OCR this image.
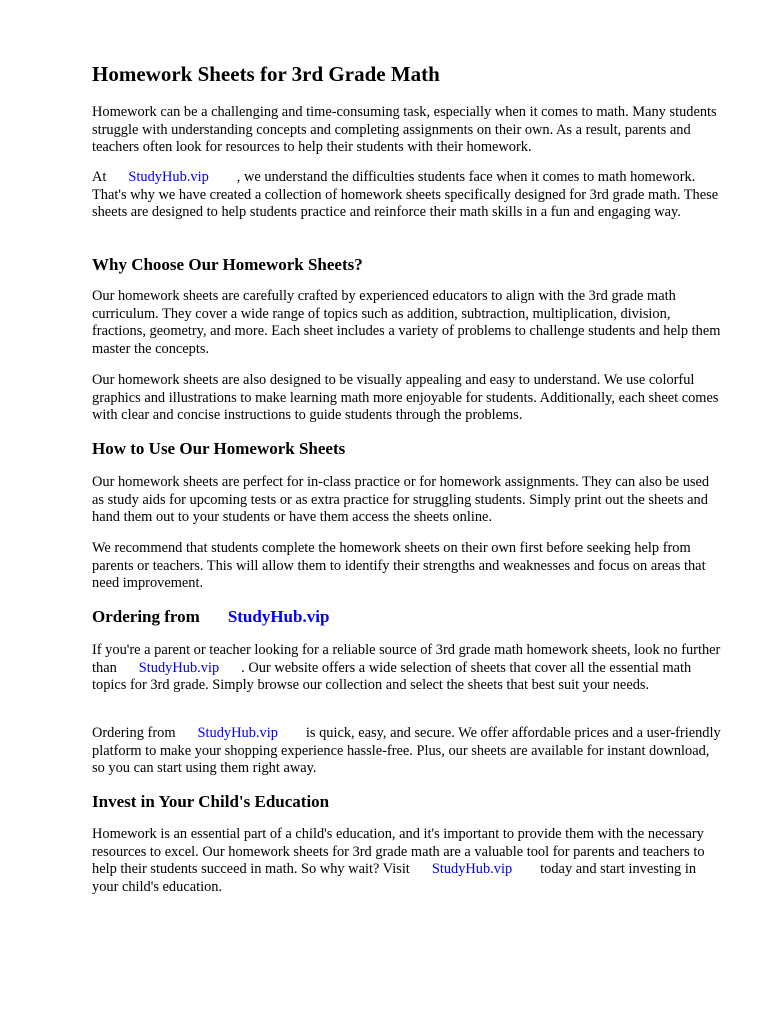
Homework Sheets for 3rd Grade Math

Homework can be a challenging and time-consuming task, especially when it comes to math. Many students struggle with understanding concepts and completing assignments on their own. As a result, parents and teachers often look for resources to help their students with their homework.

At StudyHub.vip , we understand the difficulties students face when it comes to math homework. That's why we have created a collection of homework sheets specifically designed for 3rd grade math. These sheets are designed to help students practice and reinforce their math skills in a fun and engaging way.

Why Choose Our Homework Sheets?

Our homework sheets are carefully crafted by experienced educators to align with the 3rd grade math curriculum. They cover a wide range of topics such as addition, subtraction, multiplication, division, fractions, geometry, and more. Each sheet includes a variety of problems to challenge students and help them master the concepts.

Our homework sheets are also designed to be visually appealing and easy to understand. We use colorful graphics and illustrations to make learning math more enjoyable for students. Additionally, each sheet comes with clear and concise instructions to guide students through the problems.

How to Use Our Homework Sheets

Our homework sheets are perfect for in-class practice or for homework assignments. They can also be used as study aids for upcoming tests or as extra practice for struggling students. Simply print out the sheets and hand them out to your students or have them access the sheets online.

We recommend that students complete the homework sheets on their own first before seeking help from parents or teachers. This will allow them to identify their strengths and weaknesses and focus on areas that need improvement.

Ordering from StudyHub.vip

If you're a parent or teacher looking for a reliable source of 3rd grade math homework sheets, look no further than StudyHub.vip . Our website offers a wide selection of sheets that cover all the essential math topics for 3rd grade. Simply browse our collection and select the sheets that best suit your needs.

Ordering from StudyHub.vip is quick, easy, and secure. We offer affordable prices and a user-friendly platform to make your shopping experience hassle-free. Plus, our sheets are available for instant download, so you can start using them right away.

Invest in Your Child's Education

Homework is an essential part of a child's education, and it's important to provide them with the necessary resources to excel. Our homework sheets for 3rd grade math are a valuable tool for parents and teachers to help their students succeed in math. So why wait? Visit StudyHub.vip today and start investing in your child's education.
